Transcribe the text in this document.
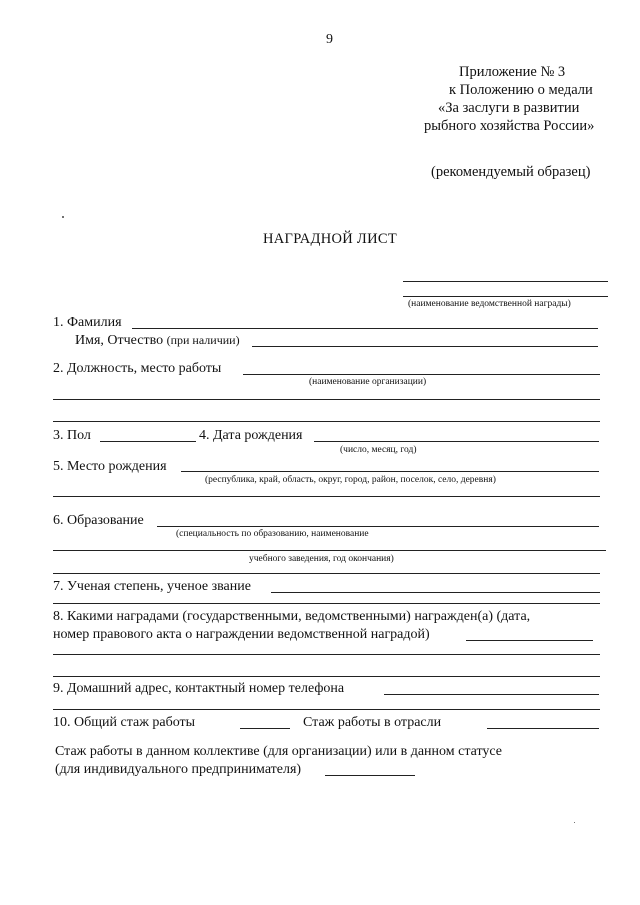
9
Приложение № 3
к Положению о медали
«За заслуги в развитии
рыбного хозяйства России»
(рекомендуемый образец)
НАГРАДНОЙ ЛИСТ
(наименование ведомственной награды)
1. Фамилия
Имя, Отчество (при наличии)
2. Должность, место работы
(наименование организации)
3. Пол	4. Дата рождения
(число, месяц, год)
5. Место рождения
(республика, край, область, округ, город, район, поселок, село, деревня)
6. Образование
(специальность по образованию, наименование
учебного заведения, год окончания)
7. Ученая степень, ученое звание
8. Какими наградами (государственными, ведомственными) награжден(а) (дата,
номер правового акта о награждении ведомственной наградой)
9. Домашний адрес, контактный номер телефона
10. Общий стаж работы	Стаж работы в отрасли
Стаж работы в данном коллективе (для организации) или в данном статусе
(для индивидуального предпринимателя)
